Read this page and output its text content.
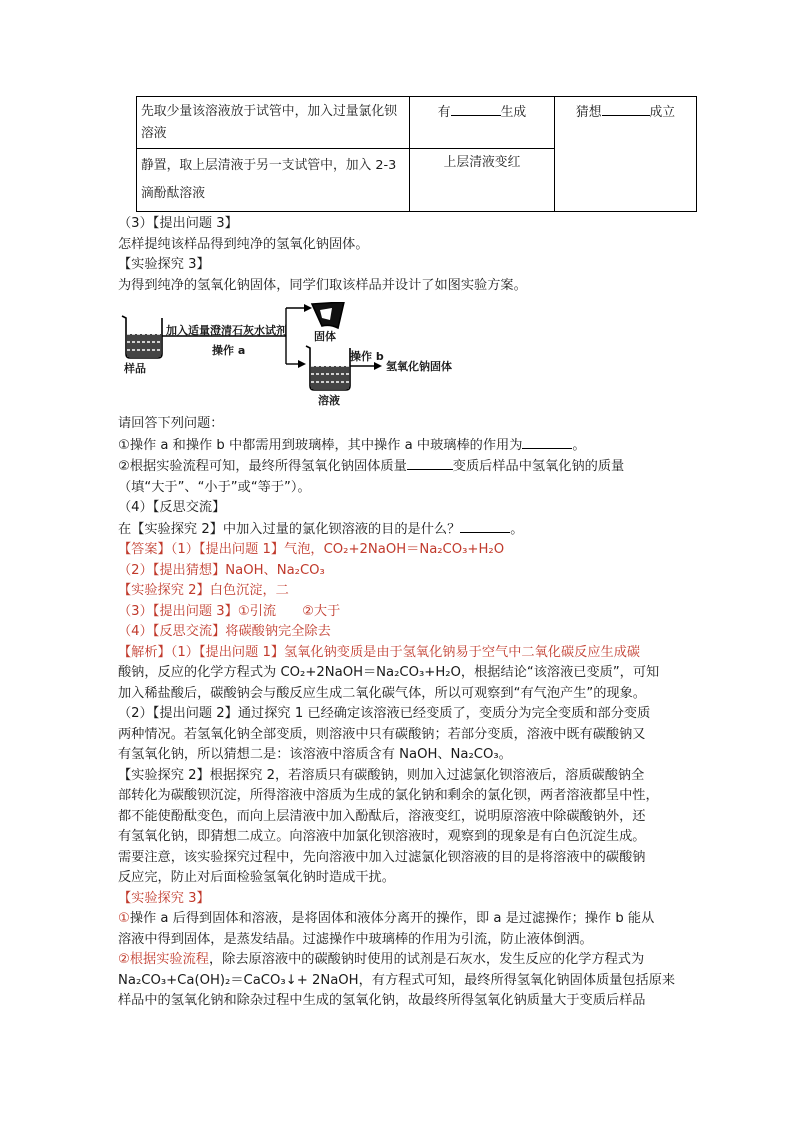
先取少量该溶液放于试管中，加入过量氯化钡溶液	有 生成	猜想 成立
静置，取上层清液于另一支试管中，加入 2-3 滴酚酞溶液	上层清液变红	
（3）【提出问题 3】
怎样提纯该样品得到纯净的氢氧化钠固体。
【实验探究 3】
为得到纯净的氢氧化钠固体，同学们取该样品并设计了如图实验方案。
加入适量澄清石灰水试剂
操作 a
固体
样品
操作 b
氢氧化钠固体
溶液
请回答下列问题：
①操作 a 和操作 b 中都需用到玻璃棒，其中操作 a 中玻璃棒的作用为	。
②根据实验流程可知，最终所得氢氧化钠固体质量	变质后样品中氢氧化钠的质量
（填“大于”、“小于”或“等于”）。
（4）【反思交流】
在【实验探究 2】中加入过量的氯化钡溶液的目的是什么？	。
【答案】（1）【提出问题 1】气泡，CO₂+2NaOH＝Na₂CO₃+H₂O
（2）【提出猜想】NaOH、Na₂CO₃
【实验探究 2】白色沉淀，二
（3）【提出问题 3】①引流 ②大于
（4）【反思交流】将碳酸钠完全除去
【解析】（1）【提出问题 1】氢氧化钠变质是由于氢氧化钠易于空气中二氧化碳反应生成碳
酸钠，反应的化学方程式为 CO₂+2NaOH＝Na₂CO₃+H₂O，根据结论“该溶液已变质”，可知
加入稀盐酸后，碳酸钠会与酸反应生成二氧化碳气体，所以可观察到“有气泡产生”的现象。
（2）【提出问题 2】通过探究 1 已经确定该溶液已经变质了，变质分为完全变质和部分变质
两种情况。若氢氧化钠全部变质，则溶液中只有碳酸钠；若部分变质，溶液中既有碳酸钠又
有氢氧化钠，所以猜想二是：该溶液中溶质含有 NaOH、Na₂CO₃。
【实验探究 2】根据探究 2，若溶质只有碳酸钠，则加入过滤氯化钡溶液后，溶质碳酸钠全
部转化为碳酸钡沉淀，所得溶液中溶质为生成的氯化钠和剩余的氯化钡，两者溶液都呈中性，
都不能使酚酞变色，而向上层清液中加入酚酞后，溶液变红，说明原溶液中除碳酸钠外，还
有氢氧化钠，即猜想二成立。向溶液中加氯化钡溶液时，观察到的现象是有白色沉淀生成。
需要注意，该实验探究过程中，先向溶液中加入过滤氯化钡溶液的目的是将溶液中的碳酸钠
反应完，防止对后面检验氢氧化钠时造成干扰。
【实验探究 3】
①操作 a 后得到固体和溶液，是将固体和液体分离开的操作，即 a 是过滤操作；操作 b 能从
溶液中得到固体，是蒸发结晶。过滤操作中玻璃棒的作用为引流，防止液体倒洒。
②根据实验流程，除去原溶液中的碳酸钠时使用的试剂是石灰水，发生反应的化学方程式为
Na₂CO₃+Ca(OH)₂＝CaCO₃↓+ 2NaOH，有方程式可知，最终所得氢氧化钠固体质量包括原来
样品中的氢氧化钠和除杂过程中生成的氢氧化钠，故最终所得氢氧化钠质量大于变质后样品
